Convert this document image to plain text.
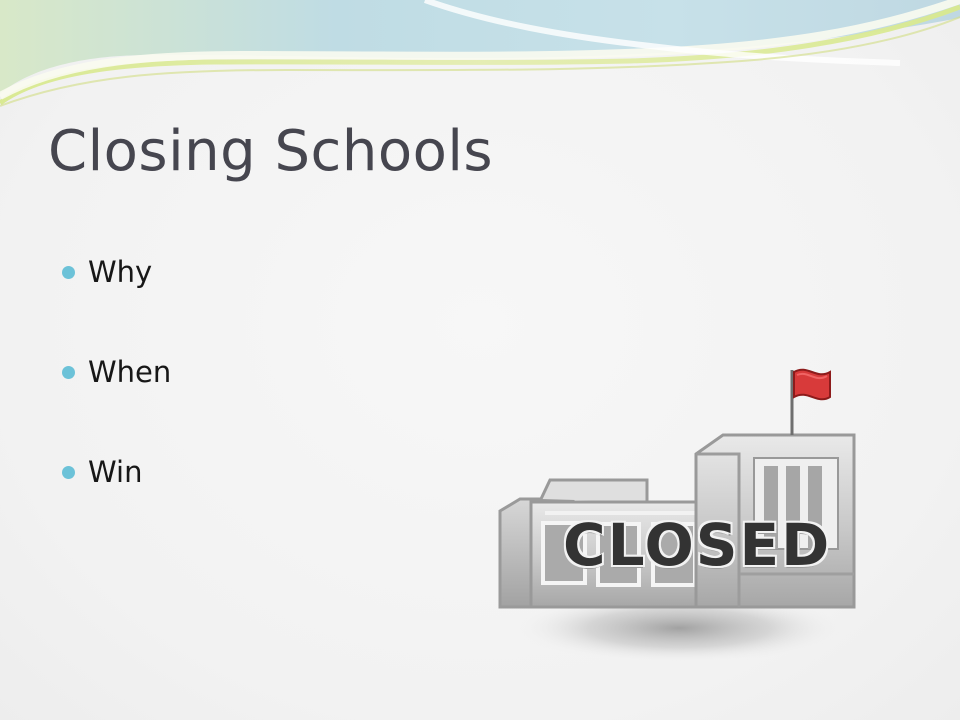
Closing Schools
Why
When
Win
CLOSED
